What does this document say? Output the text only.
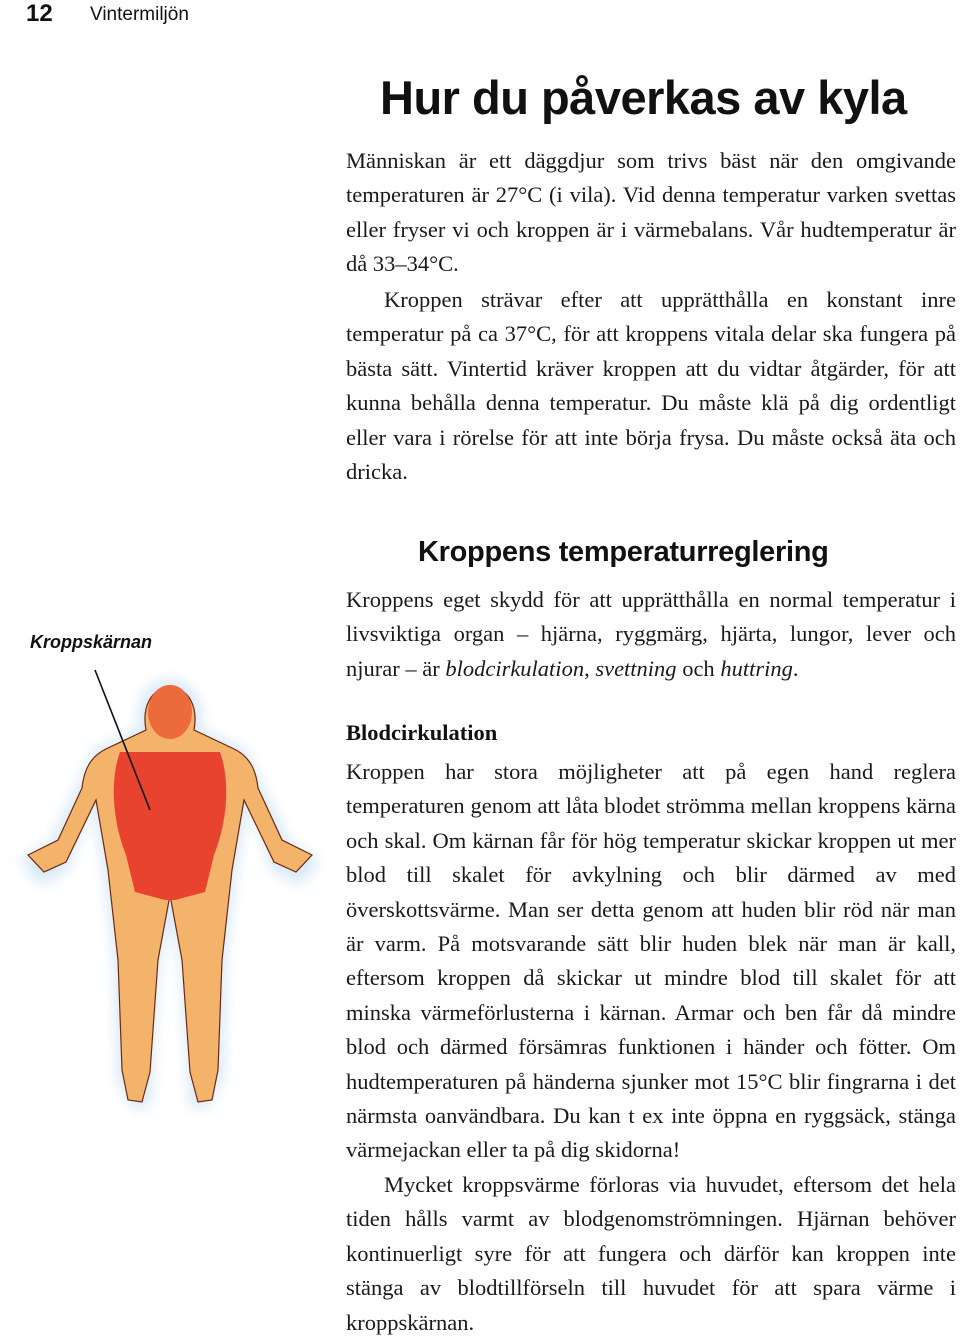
12 Vintermiljön
Hur du påverkas av kyla

Människan är ett däggdjur som trivs bäst när den omgivande temperaturen är 27°C (i vila). Vid denna temperatur varken svettas eller fryser vi och kroppen är i värmebalans. Vår hudtemperatur är då 33–34°C.

Kroppen strävar efter att upprätthålla en konstant inre temperatur på ca 37°C, för att kroppens vitala delar ska fungera på bästa sätt. Vintertid kräver kroppen att du vidtar åtgärder, för att kunna behålla denna temperatur. Du måste klä på dig ordentligt eller vara i rörelse för att inte börja frysa. Du måste också äta och dricka.

Kroppens temperaturreglering

Kroppens eget skydd för att upprätthålla en normal temperatur i livsviktiga organ – hjärna, ryggmärg, hjärta, lungor, lever och njurar – är blodcirkulation, svettning och huttring.

Blodcirkulation

Kroppen har stora möjligheter att på egen hand reglera temperaturen genom att låta blodet strömma mellan kroppens kärna och skal. Om kärnan får för hög temperatur skickar kroppen ut mer blod till skalet för avkylning och blir därmed av med överskottsvärme. Man ser detta genom att huden blir röd när man är varm. På motsvarande sätt blir huden blek när man är kall, eftersom kroppen då skickar ut mindre blod till skalet för att minska värmeförlusterna i kärnan. Armar och ben får då mindre blod och därmed försämras funktionen i händer och fötter. Om hudtemperaturen på händerna sjunker mot 15°C blir fingrarna i det närmsta oanvändbara. Du kan t ex inte öppna en ryggsäck, stänga värmejackan eller ta på dig skidorna!

Mycket kroppsvärme förloras via huvudet, eftersom det hela tiden hålls varmt av blodgenomströmningen. Hjärnan behöver kontinuerligt syre för att fungera och därför kan kroppen inte stänga av blodtillförseln till huvudet för att spara värme i kroppskärnan.

Kroppskärnan
